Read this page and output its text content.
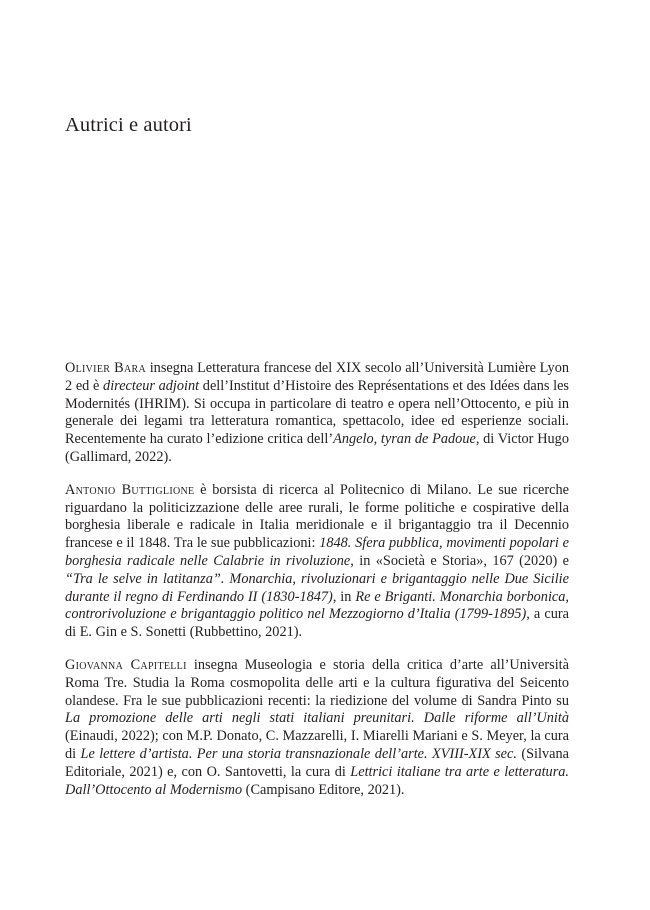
Autrici e autori

Olivier Bara insegna Letteratura francese del XIX secolo all’Università Lumière Lyon 2 ed è directeur adjoint dell’Institut d’Histoire des Représentations et des Idées dans les Modernités (IHRIM). Si occupa in particolare di teatro e opera nell’Ottocento, e più in generale dei legami tra letteratura romantica, spettacolo, idee ed esperienze sociali. Recentemente ha curato l’edizione critica dell’Angelo, tyran de Padoue, di Victor Hugo (Gallimard, 2022).

Antonio Buttiglione è borsista di ricerca al Politecnico di Milano. Le sue ricerche riguardano la politicizzazione delle aree rurali, le forme politiche e cospirative della borghesia liberale e radicale in Italia meridionale e il brigantaggio tra il Decennio francese e il 1848. Tra le sue pubblicazioni: 1848. Sfera pubblica, movimenti popolari e borghesia radicale nelle Calabrie in rivoluzione, in «Società e Storia», 167 (2020) e “Tra le selve in latitanza”. Monarchia, rivoluzionari e brigantaggio nelle Due Sicilie durante il regno di Ferdinando II (1830-1847), in Re e Briganti. Monarchia borbonica, controrivoluzione e brigantaggio politico nel Mezzogiorno d’Italia (1799-1895), a cura di E. Gin e S. Sonetti (Rubbettino, 2021).

Giovanna Capitelli insegna Museologia e storia della critica d’arte all’Università Roma Tre. Studia la Roma cosmopolita delle arti e la cultura figurativa del Seicento olandese. Fra le sue pubblicazioni recenti: la riedizione del volume di Sandra Pinto su La promozione delle arti negli stati italiani preunitari. Dalle riforme all’Unità (Einaudi, 2022); con M.P. Donato, C. Mazzarelli, I. Miarelli Mariani e S. Meyer, la cura di Le lettere d’artista. Per una storia transnazionale dell’arte. XVIII-XIX sec. (Silvana Editoriale, 2021) e, con O. Santovetti, la cura di Lettrici italiane tra arte e letteratura. Dall’Ottocento al Modernismo (Campisano Editore, 2021).
